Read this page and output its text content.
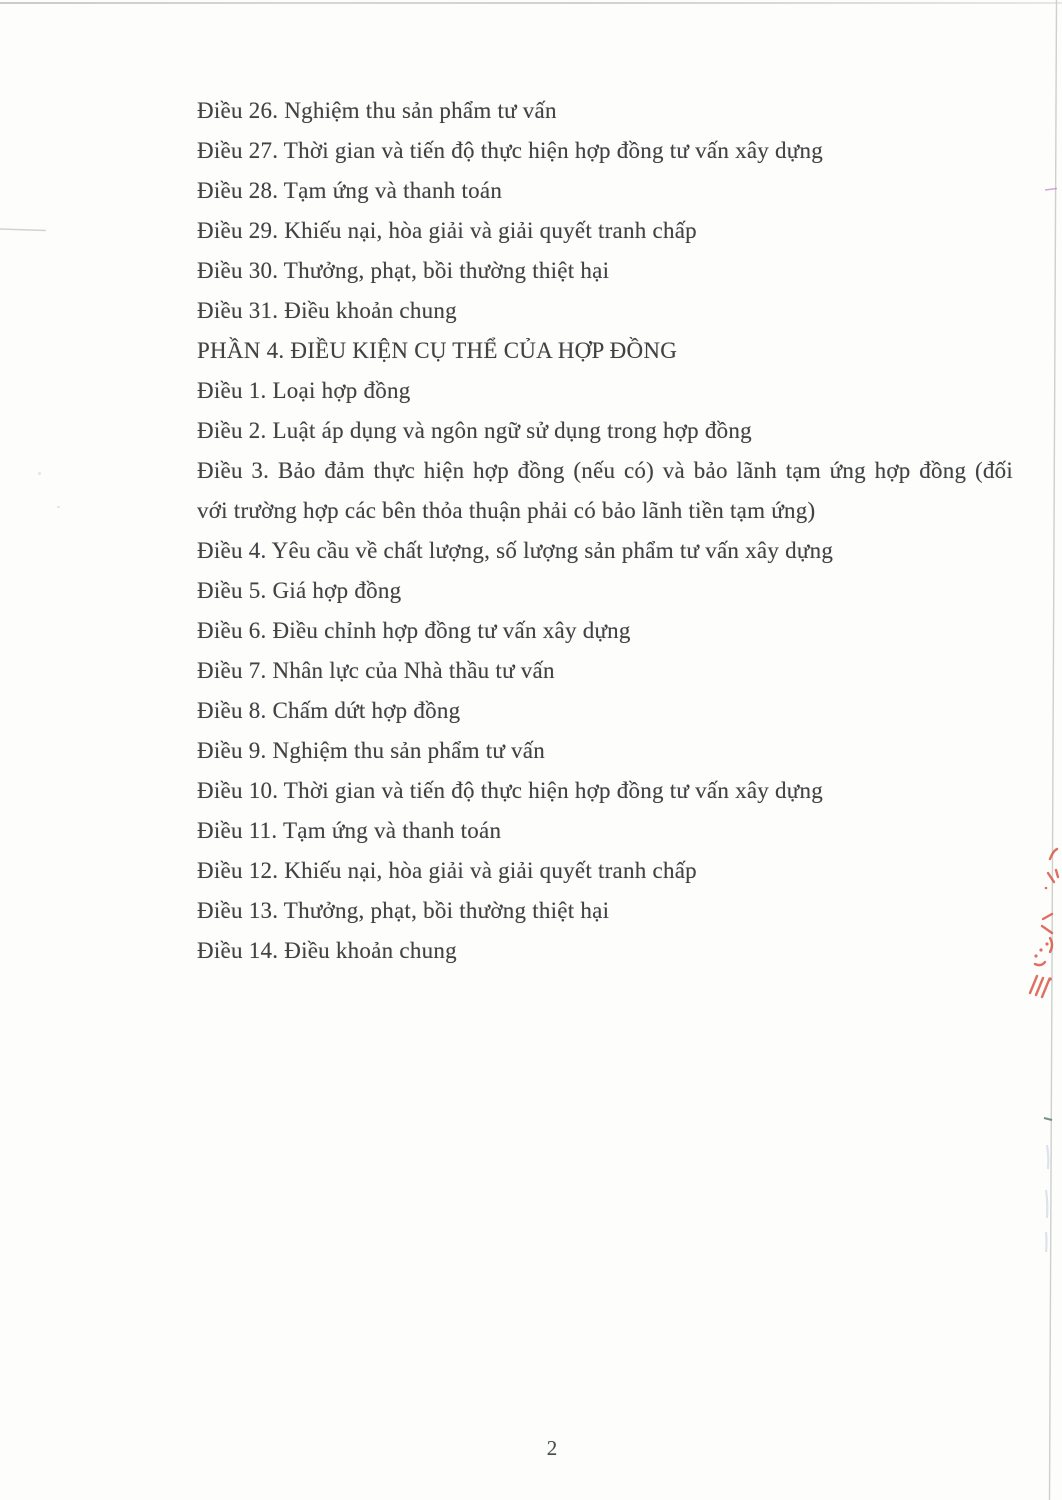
Điều 26. Nghiệm thu sản phẩm tư vấn

Điều 27. Thời gian và tiến độ thực hiện hợp đồng tư vấn xây dựng

Điều 28. Tạm ứng và thanh toán

Điều 29. Khiếu nại, hòa giải và giải quyết tranh chấp

Điều 30. Thưởng, phạt, bồi thường thiệt hại

Điều 31. Điều khoản chung

PHẦN 4. ĐIỀU KIỆN CỤ THỂ CỦA HỢP ĐỒNG

Điều 1. Loại hợp đồng

Điều 2. Luật áp dụng và ngôn ngữ sử dụng trong hợp đồng

Điều 3. Bảo đảm thực hiện hợp đồng (nếu có) và bảo lãnh tạm ứng hợp đồng (đối

với trường hợp các bên thỏa thuận phải có bảo lãnh tiền tạm ứng)

Điều 4. Yêu cầu về chất lượng, số lượng sản phẩm tư vấn xây dựng

Điều 5. Giá hợp đồng

Điều 6. Điều chỉnh hợp đồng tư vấn xây dựng

Điều 7. Nhân lực của Nhà thầu tư vấn

Điều 8. Chấm dứt hợp đồng

Điều 9. Nghiệm thu sản phẩm tư vấn

Điều 10. Thời gian và tiến độ thực hiện hợp đồng tư vấn xây dựng

Điều 11. Tạm ứng và thanh toán

Điều 12. Khiếu nại, hòa giải và giải quyết tranh chấp

Điều 13. Thưởng, phạt, bồi thường thiệt hại

Điều 14. Điều khoản chung

2
